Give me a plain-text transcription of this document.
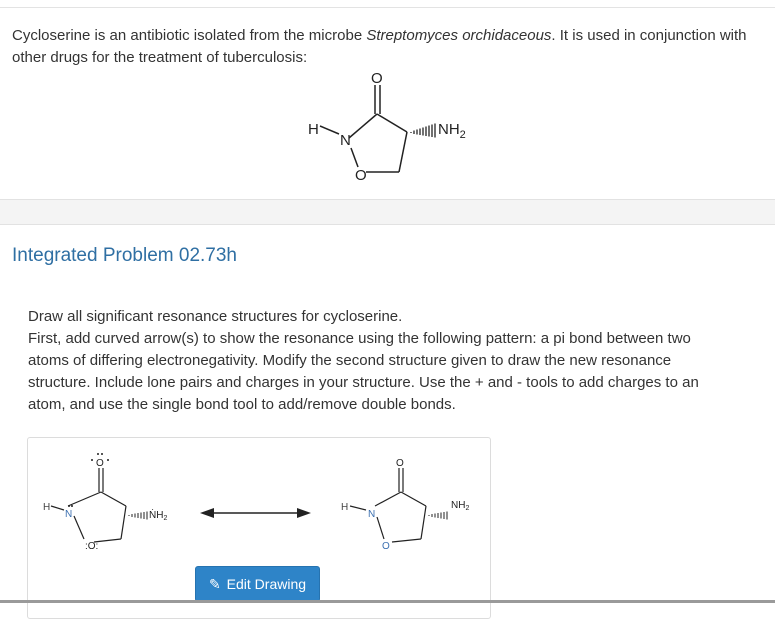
Cycloserine is an antibiotic isolated from the microbe Streptomyces orchidaceous. It is used in conjunction with other drugs for the treatment of tuberculosis:
H
N
O
O
$NH_2$
Integrated Problem 02.73h
Draw all significant resonance structures for cycloserine.
First, add curved arrow(s) to show the resonance using the following pattern: a pi bond between two atoms of differing electronegativity. Modify the second structure given to draw the new resonance structure. Include lone pairs and charges in your structure. Use the + and - tools to add charges to an atom, and use the single bond tool to add/remove double bonds.
H
N
:O:
O
ṄH$_2$
H
N
O
O
$NH_2$
✎ Edit Drawing
